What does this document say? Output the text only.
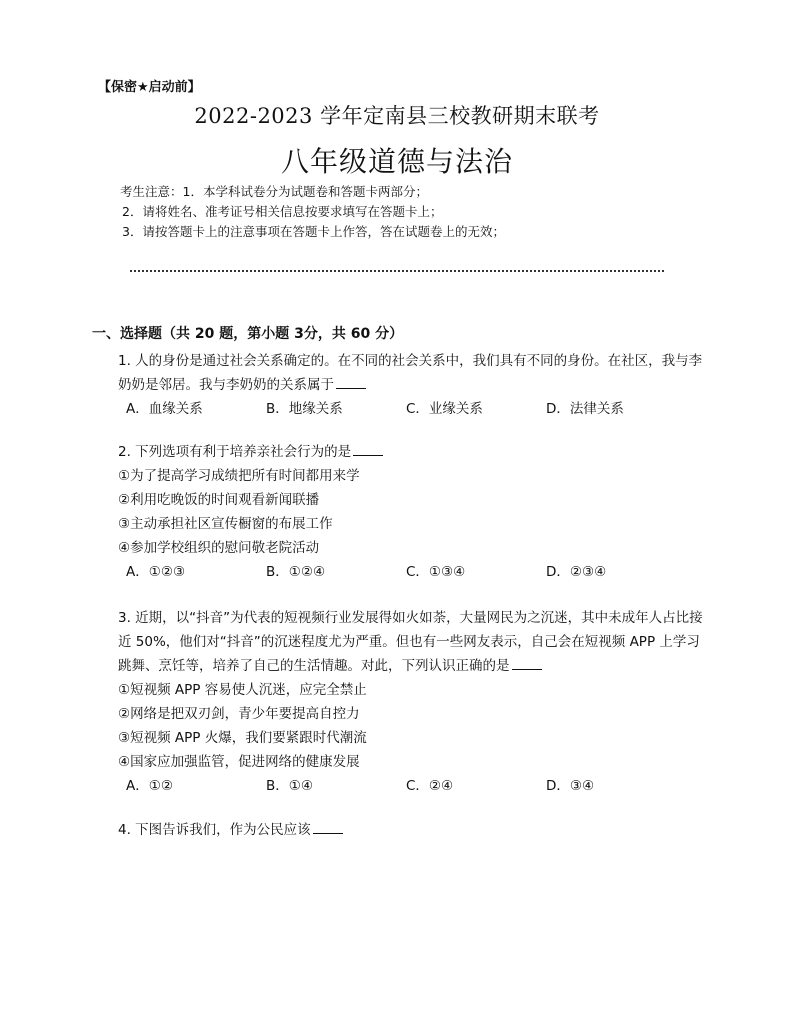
【保密★启动前】
2022-2023 学年定南县三校教研期末联考
八年级道德与法治
考生注意：1．本学科试卷分为试题卷和答题卡两部分；
2．请将姓名、准考证号相关信息按要求填写在答题卡上；
3．请按答题卡上的注意事项在答题卡上作答，答在试题卷上的无效；
一、选择题（共 20 题，第小题 3分，共 60 分）
1. 人的身份是通过社会关系确定的。在不同的社会关系中，我们具有不同的身份。在社区，我与李
奶奶是邻居。我与李奶奶的关系属于
A．血缘关系	B．地缘关系	C．业缘关系	D．法律关系
2. 下列选项有利于培养亲社会行为的是
①为了提高学习成绩把所有时间都用来学
②利用吃晚饭的时间观看新闻联播
③主动承担社区宣传橱窗的布展工作
④参加学校组织的慰问敬老院活动
A．①②③	B．①②④	C．①③④	D．②③④
3. 近期，以“抖音”为代表的短视频行业发展得如火如荼，大量网民为之沉迷，其中未成年人占比接
近 50%，他们对“抖音”的沉迷程度尤为严重。但也有一些网友表示，自己会在短视频 APP 上学习
跳舞、烹饪等，培养了自己的生活情趣。对此，下列认识正确的是
①短视频 APP 容易使人沉迷，应完全禁止
②网络是把双刃剑，青少年要提高自控力
③短视频 APP 火爆，我们要紧跟时代潮流
④国家应加强监管，促进网络的健康发展
A．①②	B．①④	C．②④	D．③④
4. 下图告诉我们，作为公民应该
